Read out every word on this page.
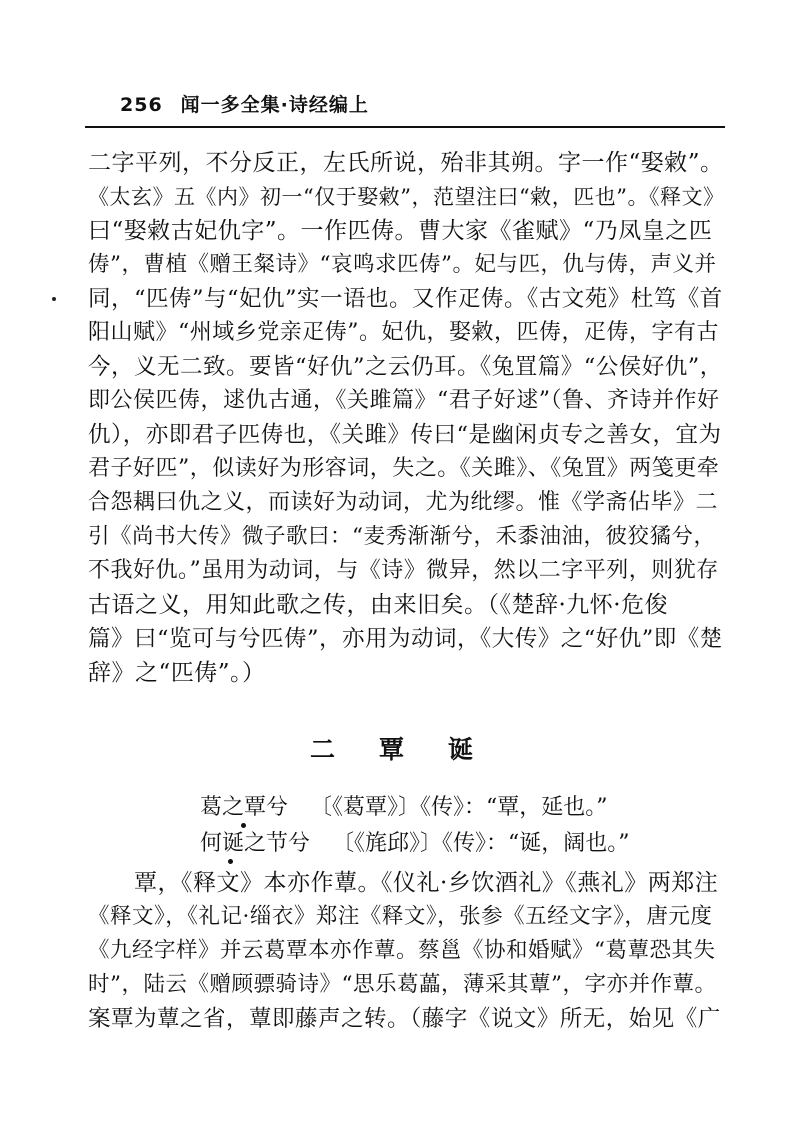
256 闻一多全集·诗经编上
二字平列，不分反正，左氏所说，殆非其朔。字一作“娶敹”。
《太玄》五《内》初一“仅于娶敹”，范望注曰“敹，匹也”。《释文》
曰“娶敹古妃仇字”。一作匹俦。曹大家《雀赋》“乃凤皇之匹
俦”，曹植《赠王粲诗》“哀鸣求匹俦”。妃与匹，仇与俦，声义并
同，“匹俦”与“妃仇”实一语也。又作疋俦。《古文苑》杜笃《首
阳山赋》“州域乡党亲疋俦”。妃仇，娶敹，匹俦，疋俦，字有古
今，义无二致。要皆“好仇”之云仍耳。《兔罝篇》“公侯好仇”，
即公侯匹俦，逑仇古通，《关雎篇》“君子好逑”（鲁、齐诗并作好
仇），亦即君子匹俦也，《关雎》传曰“是幽闲贞专之善女，宜为
君子好匹”，似读好为形容词，失之。《关雎》、《兔罝》两笺更牵
合怨耦曰仇之义，而读好为动词，尤为纰缪。惟《学斋佔毕》二
引《尚书大传》微子歌曰：“麦秀渐渐兮，禾黍油油，彼狡獝兮，
不我好仇。”虽用为动词，与《诗》微异，然以二字平列，则犹存
古语之义，用知此歌之传，由来旧矣。（《楚辞·九怀·危俊
篇》曰“览可与兮匹俦”，亦用为动词，《大传》之“好仇”即《楚
辞》之“匹俦”。）
二覃诞
葛之覃兮 〔《葛覃》〕《传》：“覃，延也。”
何诞之节兮 〔《旄邱》〕《传》：“诞，阔也。”
覃，《释文》本亦作蕈。《仪礼·乡饮酒礼》《燕礼》两郑注
《释文》，《礼记·缁衣》郑注《释文》，张参《五经文字》，唐元度
《九经字样》并云葛覃本亦作蕈。蔡邕《协和婚赋》“葛蕈恐其失
时”，陆云《赠顾骠骑诗》“思乐葛藟，薄采其蕈”，字亦并作蕈。
案覃为蕈之省，蕈即藤声之转。（藤字《说文》所无，始见《广
